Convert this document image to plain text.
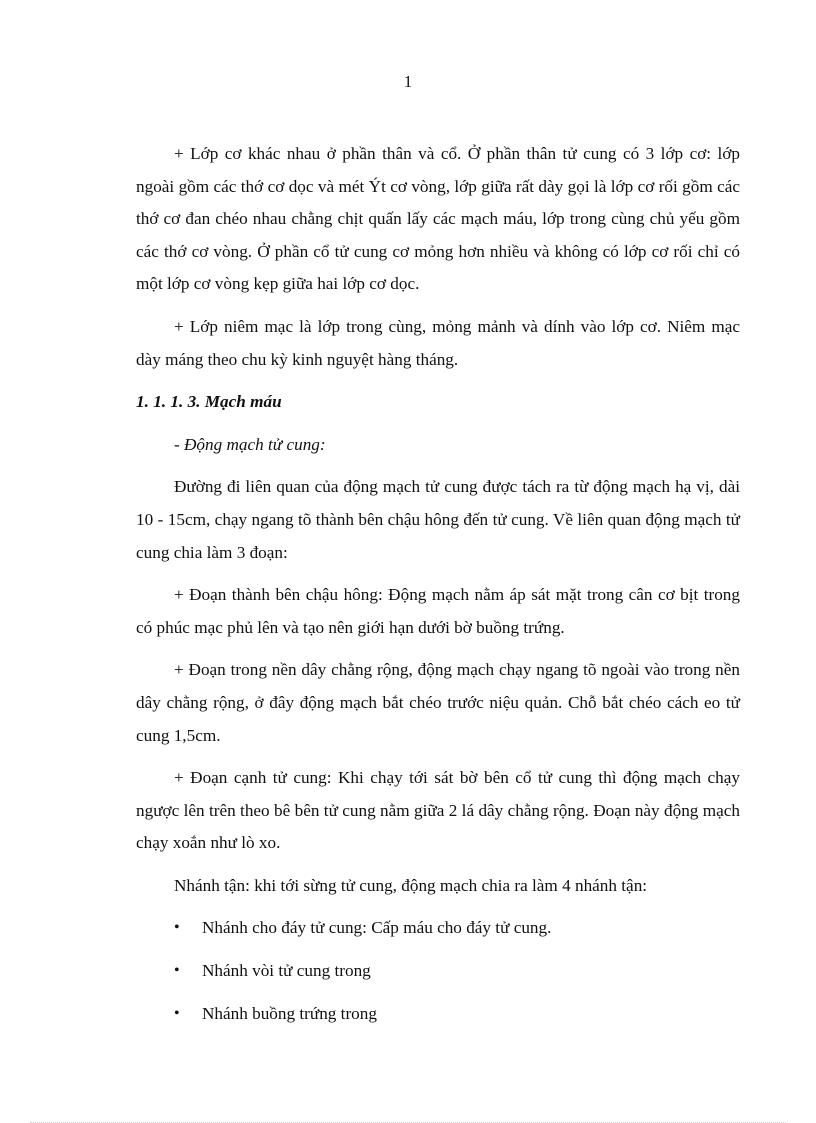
1

+ Lớp cơ khác nhau ở phần thân và cổ. Ở phần thân tử cung có 3 lớp cơ: lớp ngoài gồm các thớ cơ dọc và mét Ýt cơ vòng, lớp giữa rất dày gọi là lớp cơ rối gồm các thớ cơ đan chéo nhau chằng chịt quấn lấy các mạch máu, lớp trong cùng chủ yếu gồm các thớ cơ vòng. Ở phần cổ tử cung cơ mỏng hơn nhiều và không có lớp cơ rối chỉ có một lớp cơ vòng kẹp giữa hai lớp cơ dọc.

+ Lớp niêm mạc là lớp trong cùng, mỏng mảnh và dính vào lớp cơ. Niêm mạc dày máng theo chu kỳ kinh nguyệt hàng tháng.

1. 1. 1. 3. Mạch máu
- Động mạch tử cung:

Đường đi liên quan của động mạch tử cung được tách ra từ động mạch hạ vị, dài 10 - 15cm, chạy ngang tõ thành bên chậu hông đến tử cung. Về liên quan động mạch tử cung chia làm 3 đoạn:

+ Đoạn thành bên chậu hông: Động mạch nằm áp sát mặt trong cân cơ bịt trong có phúc mạc phủ lên và tạo nên giới hạn dưới bờ buồng trứng.

+ Đoạn trong nền dây chằng rộng, động mạch chạy ngang tõ ngoài vào trong nền dây chằng rộng, ở đây động mạch bắt chéo trước niệu quản. Chỗ bắt chéo cách eo tử cung 1,5cm.

+ Đoạn cạnh tử cung: Khi chạy tới sát bờ bên cổ tử cung thì động mạch chạy ngược lên trên theo bê bên tử cung nằm giữa 2 lá dây chằng rộng. Đoạn này động mạch chạy xoắn như lò xo.

Nhánh tận: khi tới sừng tử cung, động mạch chia ra làm 4 nhánh tận:

• Nhánh cho đáy tử cung: Cấp máu cho đáy tử cung.
• Nhánh vòi tử cung trong
• Nhánh buồng trứng trong
